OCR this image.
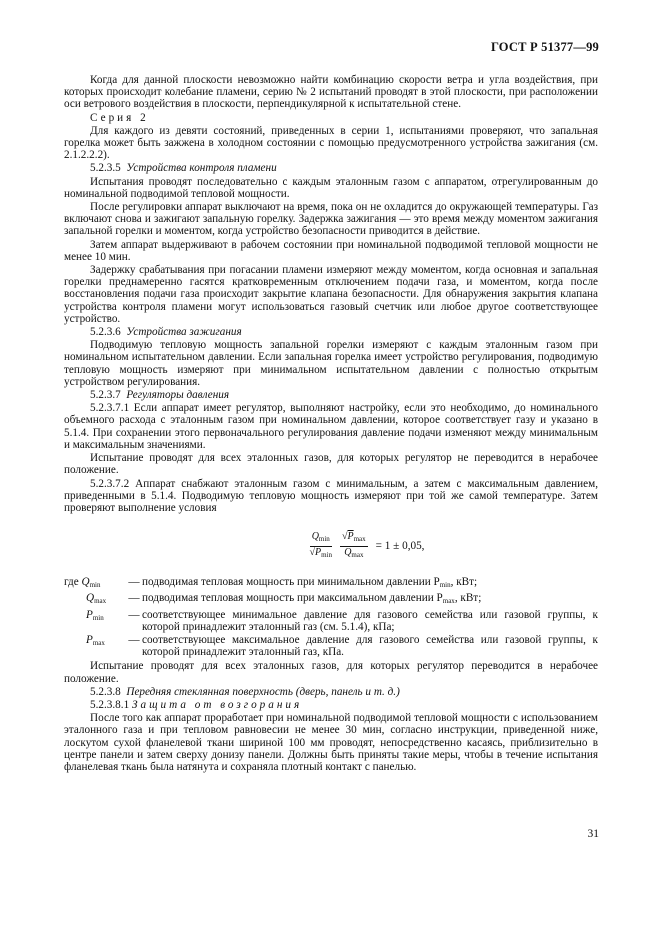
ГОСТ Р 51377—99

Когда для данной плоскости невозможно найти комбинацию скорости ветра и угла воздействия, при которых происходит колебание пламени, серию № 2 испытаний проводят в этой плоскости, при расположении оси ветрового воздействия в плоскости, перпендикулярной к испытательной стене.

Серия 2

Для каждого из девяти состояний, приведенных в серии 1, испытаниями проверяют, что запальная горелка может быть зажжена в холодном состоянии с помощью предусмотренного устройства зажигания (см. 2.1.2.2.2).

5.2.3.5 Устройства контроля пламени

Испытания проводят последовательно с каждым эталонным газом с аппаратом, отрегулированным до номинальной подводимой тепловой мощности.

После регулировки аппарат выключают на время, пока он не охладится до окружающей температуры. Газ включают снова и зажигают запальную горелку. Задержка зажигания — это время между моментом зажигания запальной горелки и моментом, когда устройство безопасности приводится в действие.

Затем аппарат выдерживают в рабочем состоянии при номинальной подводимой тепловой мощности не менее 10 мин.

Задержку срабатывания при погасании пламени измеряют между моментом, когда основная и запальная горелки преднамеренно гасятся кратковременным отключением подачи газа, и моментом, когда после восстановления подачи газа происходит закрытие клапана безопасности. Для обнаружения закрытия клапана устройства контроля пламени могут использоваться газовый счетчик или любое другое соответствующее устройство.

5.2.3.6 Устройства зажигания

Подводимую тепловую мощность запальной горелки измеряют с каждым эталонным газом при номинальном испытательном давлении. Если запальная горелка имеет устройство регулирования, подводимую тепловую мощность измеряют при минимальном испытательном давлении с полностью открытым устройством регулирования.

5.2.3.7 Регуляторы давления

5.2.3.7.1 Если аппарат имеет регулятор, выполняют настройку, если это необходимо, до номинального объемного расхода с эталонным газом при номинальном давлении, которое соответствует газу и указано в 5.1.4. При сохранении этого первоначального регулирования давление подачи изменяют между минимальным и максимальным значениями.

Испытание проводят для всех эталонных газов, для которых регулятор не переводится в нерабочее положение.

5.2.3.7.2 Аппарат снабжают эталонным газом с минимальным, а затем с максимальным давлением, приведенными в 5.1.4. Подводимую тепловую мощность измеряют при той же самой температуре. Затем проверяют выполнение условия

$\frac{Q_{min}}{√P_{min}} \frac{√P_{max}}{Q_{max}} = 1 \pm 0,05$,
где $Q_{min}$	— подводимая тепловая мощность при минимальном давлении $P_{min}$, кВт;
$Q_{max}$	— подводимая тепловая мощность при максимальном давлении $P_{max}$, кВт;
$P_{min}$	— соответствующее минимальное давление для газового семейства или газовой группы, к которой принадлежит эталонный газ (см. 5.1.4), кПа;
$P_{max}$	— соответствующее максимальное давление для газового семейства или газовой группы, к которой принадлежит эталонный газ, кПа.

Испытание проводят для всех эталонных газов, для которых регулятор переводится в нерабочее положение.

5.2.3.8 Передняя стеклянная поверхность (дверь, панель и т. д.)

5.2.3.8.1 Защита от возгорания

После того как аппарат проработает при номинальной подводимой тепловой мощности с использованием эталонного газа и при тепловом равновесии не менее 30 мин, согласно инструкции, приведенной ниже, лоскутом сухой фланелевой ткани шириной 100 мм проводят, непосредственно касаясь, приблизительно в центре панели и затем сверху донизу панели. Должны быть приняты такие меры, чтобы в течение испытания фланелевая ткань была натянута и сохраняла плотный контакт с панелью.

31
